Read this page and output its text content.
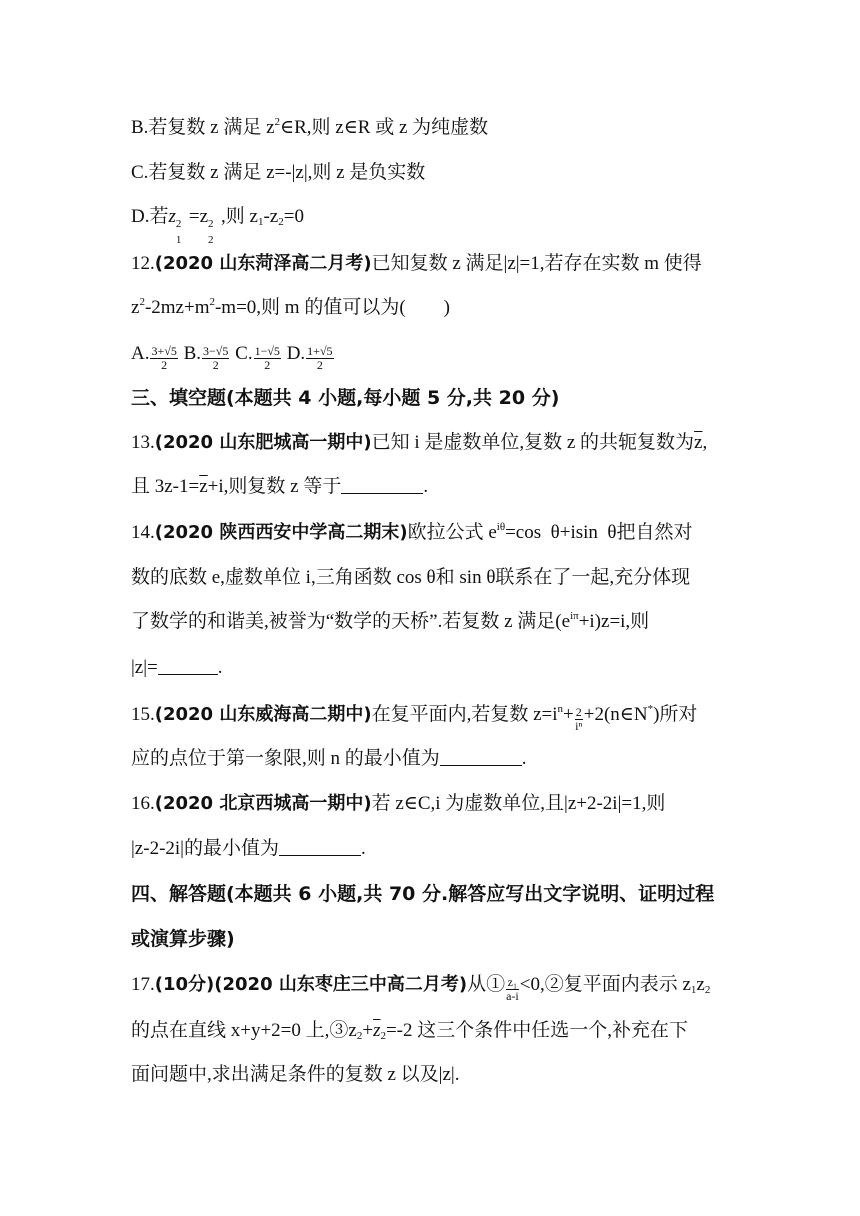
B.若复数 z 满足 $z^2\in R$,则 z∈R 或 z 为纯虚数
C.若复数 z 满足 z=-|z|,则 z 是负实数
D.若z 2
1
=z 2
2
,则 $z_1-z_2=0$
12.(2020 山东菏泽高二月考)已知复数 z 满足|z|=1,若存在实数 m 使得
$z^2-2mz+m^2-m=0$,则 m 的值可以为(        )
A. $\frac{3+√5}{2} B$. $\frac{3-√5}{2} C$. $\frac{1-√5}{2} D$. $\frac{1+√5}{2}$
三、填空题(本题共 4 小题,每小题 5 分,共 20 分)
13.(2020 山东肥城高一期中)已知 i 是虚数单位,复数 z 的共轭复数为$\overline{z}$,
且 $3z-1=\overline{z}+i$,则复数 z 等于	.
14.(2020 陕西西安中学高二期末)欧拉公式 $e^{i\theta}=\cos$  θ+isin  θ把自然对
数的底数 e,虚数单位 i,三角函数 cos θ和 sin θ联系在了一起,充分体现
了数学的和谐美,被誉为“数学的天桥”.若复数 z 满足$(e^{i\pi}+i)z=i$,则
|z|=	.
15.(2020 山东威海高二期中)在复平面内,若复数 $z=i^n+ \frac{2}{\text{iⁿ}}$ +2(n∈N*)所对
应的点位于第一象限,则 n 的最小值为	.
16.(2020 北京西城高一期中)若 z∈C,i 为虚数单位,且|z+2-2i|=1,则
|z-2-2i|的最小值为	.
四、解答题(本题共 6 小题,共 70 分.解答应写出文字说明、证明过程
或演算步骤)
17.(10分)(2020 山东枣庄三中高二月考)从① $\frac{\text{z₁}}{a-i}$ <0,②复平面内表示 $z_1z_2$
的点在直线 x+y+2=0 上$,③z_2+\overline{z}_2=-2$ 这三个条件中任选一个,补充在下
面问题中,求出满足条件的复数 z 以及|z|.
